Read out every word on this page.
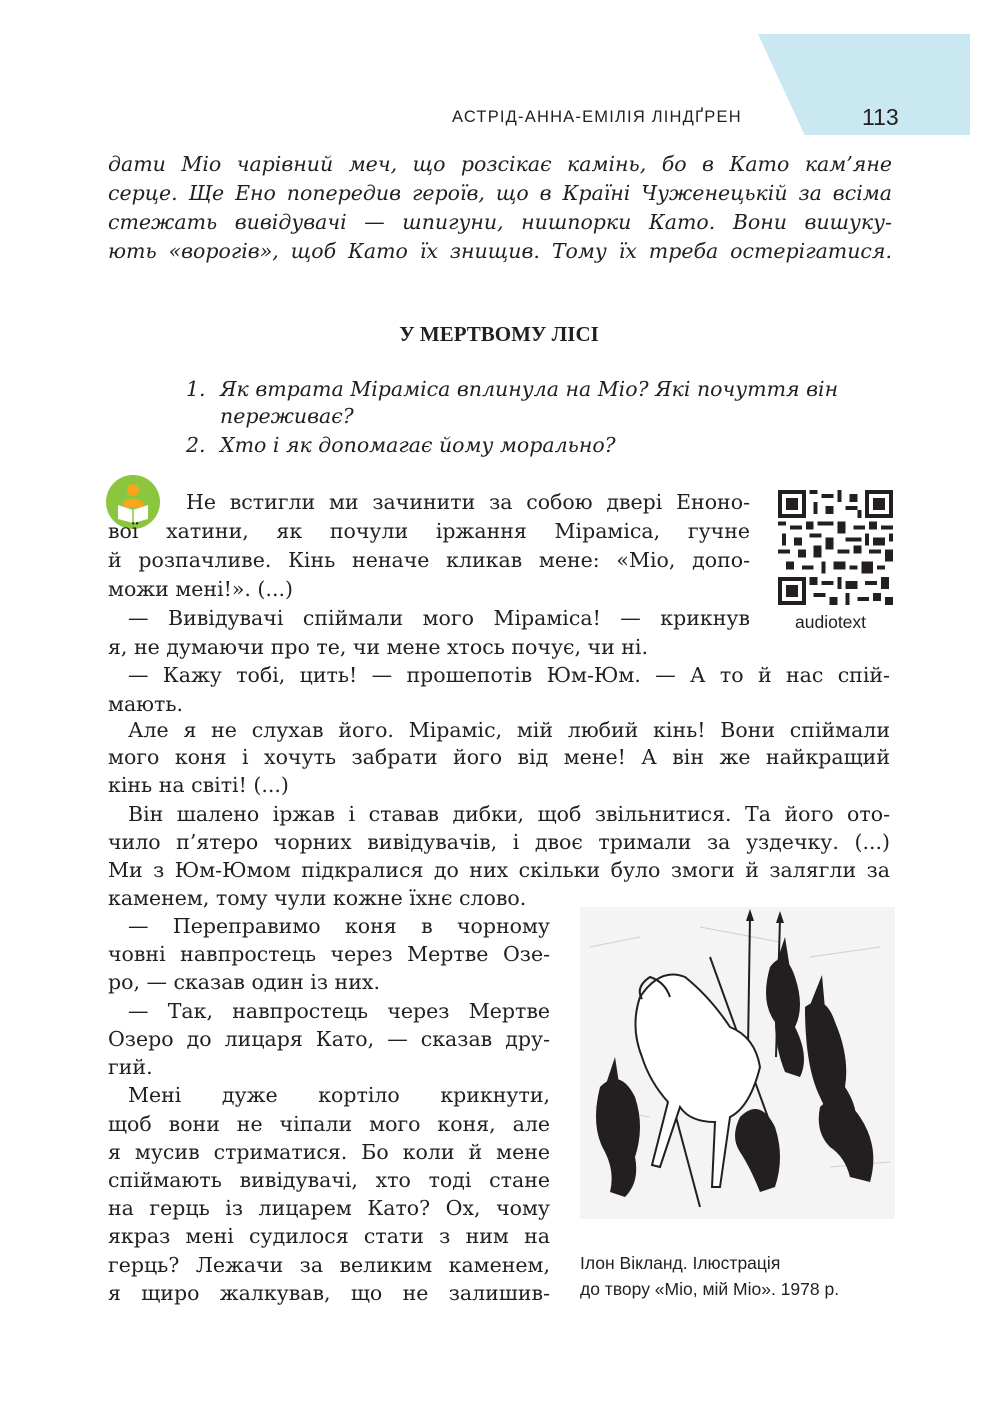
АСТРІД-АННА-ЕМІЛІЯ ЛІНДҐРЕН	113

дати Міо чарівний меч, що розсікає камінь, бо в Като кам’яне

серце. Ще Ено попередив героїв, що в Країні Чуженецькій за всіма

стежать вивідувачі — шпигуни, нишпорки Като. Вони вишуку-

ють «ворогів», щоб Като їх знищив. Тому їх треба остерігатися.

У МЕРТВОМУ ЛІСІ
1. Як втрата Міраміса вплинула на Міо? Які почуття він переживає?
2. Хто і як допомагає йому морально?
audiotext
Не встигли ми зачинити за собою двері Еноно-
вої хатини, як почули іржання Міраміса, гучне
й розпачливе. Кінь неначе кликав мене: «Міо, допо-
можи мені!». (...)
— Вивідувачі спіймали мого Міраміса! — крикнув
я, не думаючи про те, чи мене хтось почує, чи ні.
— Кажу тобі, цить! — прошепотів Юм-Юм. — А то й нас спій-
мають.
Але я не слухав його. Міраміс, мій любий кінь! Вони спіймали
мого коня і хочуть забрати його від мене! А він же найкращий
кінь на світі! (...)
Він шалено іржав і ставав дибки, щоб звільнитися. Та його ото-
чило п’ятеро чорних вивідувачів, і двоє тримали за уздечку. (...)
Ми з Юм-Юмом підкралися до них скільки було змоги й залягли за
каменем, тому чули кожне їхнє слово.
— Переправимо коня в чорному
човні навпростець через Мертве Озе-
ро, — сказав один із них.
— Так, навпростець через Мертве
Озеро до лицаря Като, — сказав дру-
гий.
Мені дуже кортіло крикнути,
щоб вони не чіпали мого коня, але
я мусив стриматися. Бо коли й мене
спіймають вивідувачі, хто тоді стане
на герць із лицарем Като? Ох, чому
якраз мені судилося стати з ним на
герць? Лежачи за великим каменем,
я щиро жалкував, що не залишив-
Ілон Вікланд. Ілюстрація
до твору «Міо, мій Міо». 1978 р.
